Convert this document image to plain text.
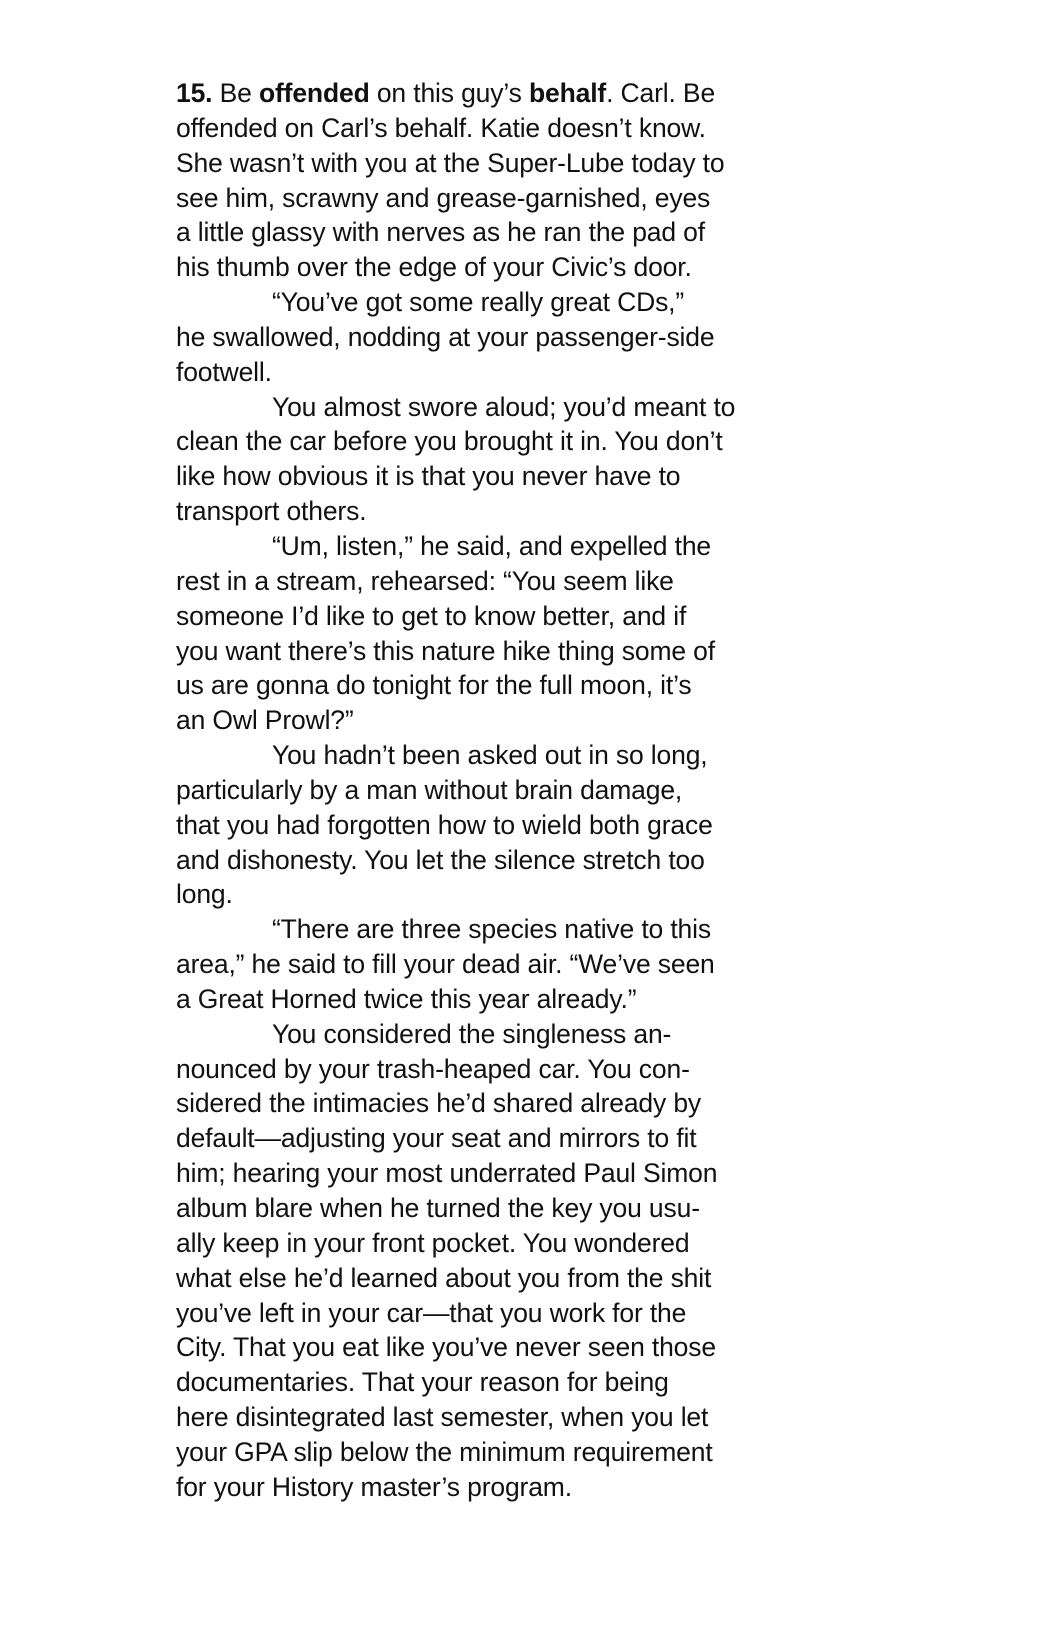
15. Be offended on this guy’s behalf. Carl. Be
offended on Carl’s behalf. Katie doesn’t know.
She wasn’t with you at the Super-Lube today to
see him, scrawny and grease-garnished, eyes
a little glassy with nerves as he ran the pad of
his thumb over the edge of your Civic’s door.
“You’ve got some really great CDs,”
he swallowed, nodding at your passenger-side
footwell.
You almost swore aloud; you’d meant to
clean the car before you brought it in. You don’t
like how obvious it is that you never have to
transport others.
“Um, listen,” he said, and expelled the
rest in a stream, rehearsed: “You seem like
someone I’d like to get to know better, and if
you want there’s this nature hike thing some of
us are gonna do tonight for the full moon, it’s
an Owl Prowl?”
You hadn’t been asked out in so long,
particularly by a man without brain damage,
that you had forgotten how to wield both grace
and dishonesty. You let the silence stretch too
long.
“There are three species native to this
area,” he said to fill your dead air. “We’ve seen
a Great Horned twice this year already.”
You considered the singleness an-
nounced by your trash-heaped car. You con-
sidered the intimacies he’d shared already by
default—adjusting your seat and mirrors to fit
him; hearing your most underrated Paul Simon
album blare when he turned the key you usu-
ally keep in your front pocket. You wondered
what else he’d learned about you from the shit
you’ve left in your car—that you work for the
City. That you eat like you’ve never seen those
documentaries. That your reason for being
here disintegrated last semester, when you let
your GPA slip below the minimum requirement
for your History master’s program.
